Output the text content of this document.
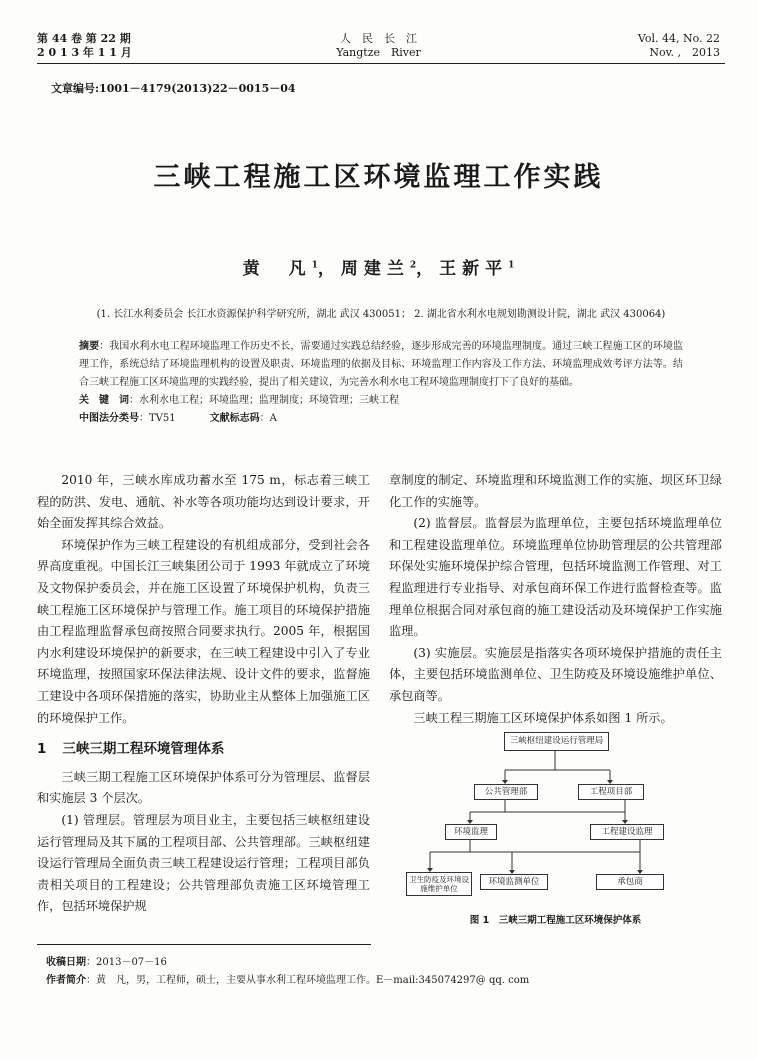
第 44 卷 第 22 期
2 0 1 3 年 1 1 月
人　民　长　江
Yangtze　River
Vol. 44, No. 22
Nov. ,　2013
文章编号:1001－4179(2013)22－0015－04
三峡工程施工区环境监理工作实践
黄　凡$^1$，周建兰$^2$，王新平$^1$
(1. 长江水利委员会 长江水资源保护科学研究所，湖北 武汉 430051； 2. 湖北省水利水电规划勘测设计院，湖北 武汉 430064)
摘要：我国水利水电工程环境监理工作历史不长，需要通过实践总结经验，逐步形成完善的环境监理制度。通过三峡工程施工区的环境监理工作，系统总结了环境监理机构的设置及职责、环境监理的依据及目标、环境监理工作内容及工作方法、环境监理成效考评方法等。结合三峡工程施工区环境监理的实践经验，提出了相关建议，为完善水利水电工程环境监理制度打下了良好的基础。
关　键　词：水利水电工程；环境监理；监理制度；环境管理；三峡工程
中图法分类号：TV51	文献标志码：A

2010 年，三峡水库成功蓄水至 175 m，标志着三峡工程的防洪、发电、通航、补水等各项功能均达到设计要求，开始全面发挥其综合效益。

环境保护作为三峡工程建设的有机组成部分，受到社会各界高度重视。中国长江三峡集团公司于 1993 年就成立了环境及文物保护委员会，并在施工区设置了环境保护机构，负责三峡工程施工区环境保护与管理工作。施工项目的环境保护措施由工程监理监督承包商按照合同要求执行。2005 年，根据国内水利建设环境保护的新要求，在三峡工程建设中引入了专业环境监理，按照国家环保法律法规、设计文件的要求，监督施工建设中各项环保措施的落实，协助业主从整体上加强施工区的环境保护工作。

1 三峡三期工程环境管理体系

三峡三期工程施工区环境保护体系可分为管理层、监督层和实施层 3 个层次。

(1) 管理层。管理层为项目业主，主要包括三峡枢纽建设运行管理局及其下属的工程项目部、公共管理部。三峡枢纽建设运行管理局全面负责三峡工程建设运行管理；工程项目部负责相关项目的工程建设；公共管理部负责施工区环境管理工作，包括环境保护规

章制度的制定、环境监理和环境监测工作的实施、坝区环卫绿化工作的实施等。

(2) 监督层。监督层为监理单位，主要包括环境监理单位和工程建设监理单位。环境监理单位协助管理层的公共管理部环保处实施环境保护综合管理，包括环境监测工作管理、对工程监理进行专业指导、对承包商环保工作进行监督检查等。监理单位根据合同对承包商的施工建设活动及环境保护工作实施监理。

(3) 实施层。实施层是指落实各项环境保护措施的责任主体，主要包括环境监测单位、卫生防疫及环境设施维护单位、承包商等。

三峡工程三期施工区环境保护体系如图 1 所示。

三峡枢纽建设运行管理局
公共管理部	工程项目部
环境监理	工程建设监理
卫生防疫及环境设施维护单位
环境监测单位	承包商
图 1　三峡三期工程施工区环境保护体系
收稿日期：2013－07－16
作者简介：黄　凡，男，工程师，硕士，主要从事水利工程环境监理工作。E－mail:345074297@ qq. com
